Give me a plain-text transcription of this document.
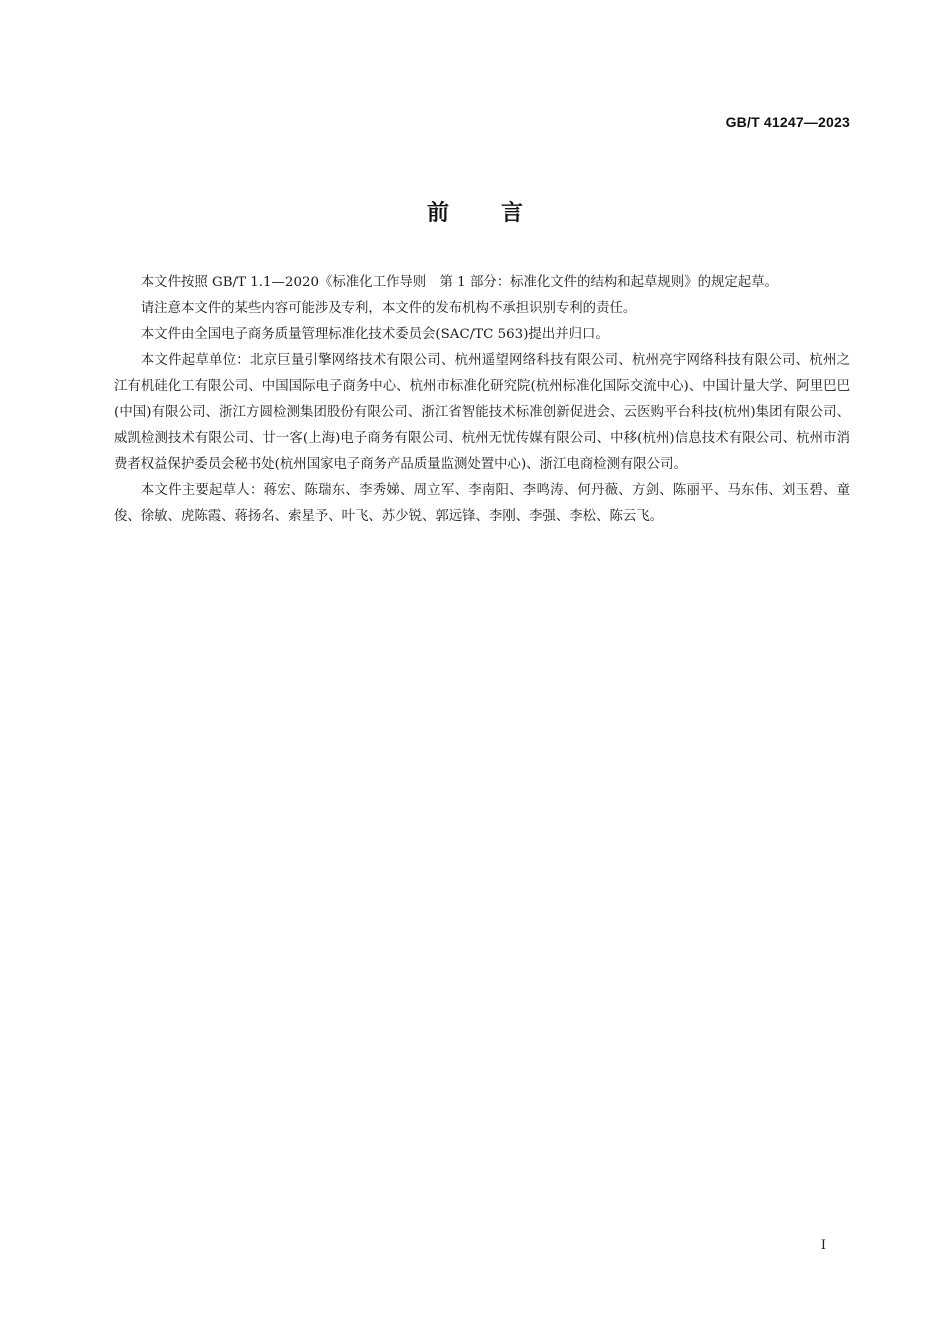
GB/T 41247—2023
前言

本文件按照 GB/T 1.1—2020《标准化工作导则　第 1 部分：标准化文件的结构和起草规则》的规定起草。

请注意本文件的某些内容可能涉及专利，本文件的发布机构不承担识别专利的责任。

本文件由全国电子商务质量管理标准化技术委员会(SAC/TC 563)提出并归口。

本文件起草单位：北京巨量引擎网络技术有限公司、杭州遥望网络科技有限公司、杭州亮宇网络科技有限公司、杭州之江有机硅化工有限公司、中国国际电子商务中心、杭州市标准化研究院(杭州标准化国际交流中心)、中国计量大学、阿里巴巴(中国)有限公司、浙江方圆检测集团股份有限公司、浙江省智能技术标准创新促进会、云医购平台科技(杭州)集团有限公司、威凯检测技术有限公司、廿一客(上海)电子商务有限公司、杭州无忧传媒有限公司、中移(杭州)信息技术有限公司、杭州市消费者权益保护委员会秘书处(杭州国家电子商务产品质量监测处置中心)、浙江电商检测有限公司。

本文件主要起草人：蒋宏、陈瑞东、李秀娣、周立军、李南阳、李鸣涛、何丹薇、方剑、陈丽平、马东伟、刘玉碧、童俊、徐敏、虎陈霞、蒋扬名、索星予、叶飞、苏少锐、郭远锋、李刚、李强、李松、陈云飞。

I
